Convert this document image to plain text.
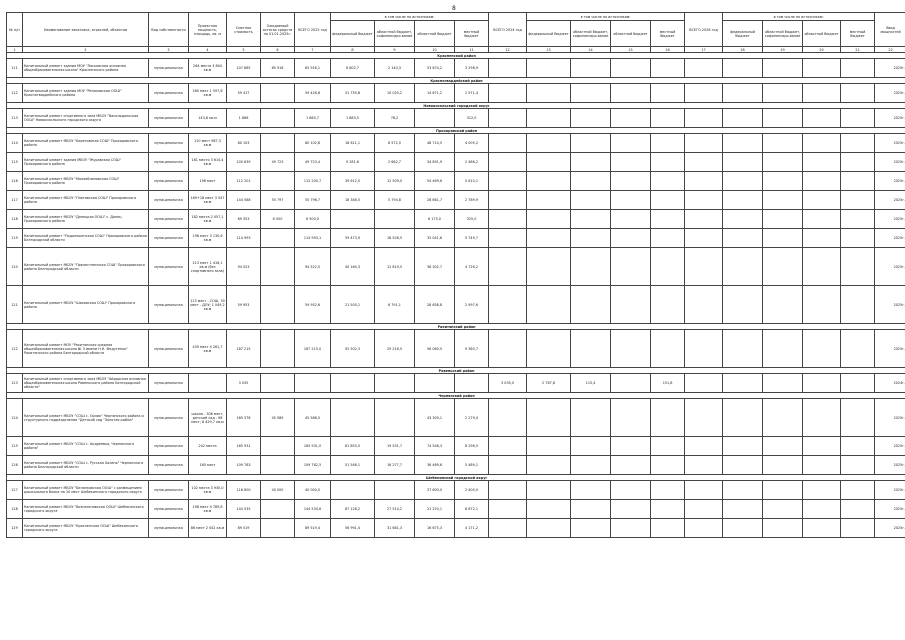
8
№ п/п	Наименование заказчика, отраслей, объектов	Вид собственности	Проектная мощность, площадь, кв. м	Сметная стоимость	Ожидаемый остаток средств на 01.01.2025г.	ВСЕГО 2025 год	в том числе по источникам:				ВСЕГО 2024 год	в том числе по источникам:				ВСЕГО 2026 год	в том числе по источникам:				Ввод мощностей
							федеральный бюджет	областной бюджет, софинансиро-вание	областной бюджет	местный бюджет		федеральный бюджет	областной бюджет, софинансиро-вание	областной бюджет	местный бюджет		федеральный бюджет	областной бюджет, софинансиро-вание	областной бюджет	местный бюджет	
1	2	3	4	5	6	7	8	9	10	11	12	13	14	15	16	17	18	19	20	21	22
Красненский район																					
111	Капитальный ремонт здания МОУ "Ласковская основная общеобразовательная школа" Красненского района	муниципальная	264 места 3 844 кв.м	107 685	65 916	65 916,1	6 802,7	2 140,3	53 674,2	3 298,9											2025г.
Красногвардейский район																					
112	Капитальный ремонт здания МОУ "Репяховская ООШ" Красногвардейского района	муниципальная	280 мест 1 597,6 кв.м	59 417		59 426,6	31 755,8	10 020,2	14 671,2	2 971,4											2025г.
Новооскольский городской округ																					
113	Капитальный ремонт спортивного зала МБОУ "Васильдольская ООШ" Новооскольского городского округа	муниципальная	143,6 кв.м	1 866		1 865,7	1 883,5	78,2		312,0											2025г.
Прохоровский район																					
114	Капитальный ремонт МБОУ "Береговская СОШ" Прохоровского района	муниципальная	110 мест 987,3 кв.м	80 103		80 102,8	18 611,1	8 572,0	48 714,5	4 005,2											2025г.
115	Капитальный ремонт здания МБОУ "Журавская СОШ" Прохоровского района	муниципальная	181 место 3 614,4 кв.м	100 639	49 723	49 723,4	9 281,6	2 662,7	34 891,9	2 486,2											2025г.
116	Капитальный ремонт МБОУ "Малояблоновская СОШ" Прохоровского района	муниципальная	198 мест	112 201		112 200,7	39 612,0	12 509,0	54 469,6	5 610,1											2025г.
117	Капитальный ремонт МБОУ "Плотавская СОШ" Прохоровского района	муниципальная	169+18 мест 3 547 кв.м	144 588	55 797	55 796,7	18 346,5	5 794,8	28 861,7	2 789,9											2025г.
118	Капитальный ремонт МБОУ "Донецкая ООШ" с. Донец Прохоровского района	муниципальная	182 места 2 057,1 кв.м	69 353	6 500	6 500,0			6 175,0	325,0											2025г.
119	Капитальный ремонт "Подолешенская СОШ" Прохоровского района Белгородской области	муниципальная	198 мест 3 130,6 кв.м	114 993		114 993,1	59 473,9	18 528,5	32 041,6	5 749,7											2025г.
120	Капитальный ремонт МБОУ "Прелестненская СОШ" Прохоровского района Белгородской области	муниципальная	213 мест 1 416,1 кв.м (без спортивного зала)	94 523		94 522,5	40 164,3	12 819,5	36 302,7	4 726,2											2025г.
121	Капитальный ремонт МБОУ "Шаховская СОШ" Прохоровского района	муниципальная	113 мест - СОШ, 30 мест - ДОУ; 1 049,2 кв.м	59 953		59 952,6	21 505,1	6 791,1	28 658,8	2 997,6											2025г.
Ракитянский район																					
122	Капитальный ремонт МОУ "Ракитянская средняя общеобразовательная школа № 3 имени Н.Н. Федутенко" Ракитянского района Белгородской области	муниципальная	439 мест 4 261,7 кв.м	187 215		187 215,0	92 502,3	29 216,5	56 060,5	9 360,7											2025г.
Ровеньский район																					
123	Капитальный ремонт спортивного зала МБОУ "Айдарская основная общеобразовательная школа Ровеньского района Белгородской области"	муниципальная		3 035							3 035,0	2 787,8	115,4		151,8						2024г.
Чернянский район																					
124	Капитальный ремонт МБОУ "СОШ с. Орлик" Чернянского района и структурного подразделения "Детский сад "Золотая рыбка"	муниципальная	школа - 308 мест, детский сад - 98 мест; 8 429,7 кв.м	169 378	45 589	45 588,5			43 309,1	2 279,4											2025г.
125	Капитальный ремонт МБОУ "СОШ с. Андреевка, Чернянского района"	муниципальная	242 места	165 931		165 931,0	81 853,5	19 531,7	74 548,3	8 296,5											2025г.
126	Капитальный ремонт МБОУ "СОШ с. Русская Халань" Чернянского района Белгородской области	муниципальная	160 мест	109 783		109 782,5	51 546,1	16 277,7	36 469,6	5 489,1											2025г.
Шебекинский городской округ																					
127	Капитальный ремонт МБОУ "Белянковская ООШ" с размещением дошкольного блока на 20 мест Шебекинского городского округа	муниципальная	102 места 3 930,0 кв.м	116 800	40 000	40 000,0			37 600,0	2 400,0											2025г.
128	Капитальный ремонт МБОУ "Вознесеновская ООШ" Шебекинского городского округа	муниципальная	198 мест 4 789,8 кв.м	144 535		144 534,6	87 128,2	27 514,2	21 220,1	8 672,1											2025г.
129	Капитальный ремонт МБОУ "Красненская ООШ" Шебекинского городского округа	муниципальная	86 мест 2 042 кв.м	89 519		89 519,4	56 991,4	31 681,3	16 675,3	4 171,2											2025г.
